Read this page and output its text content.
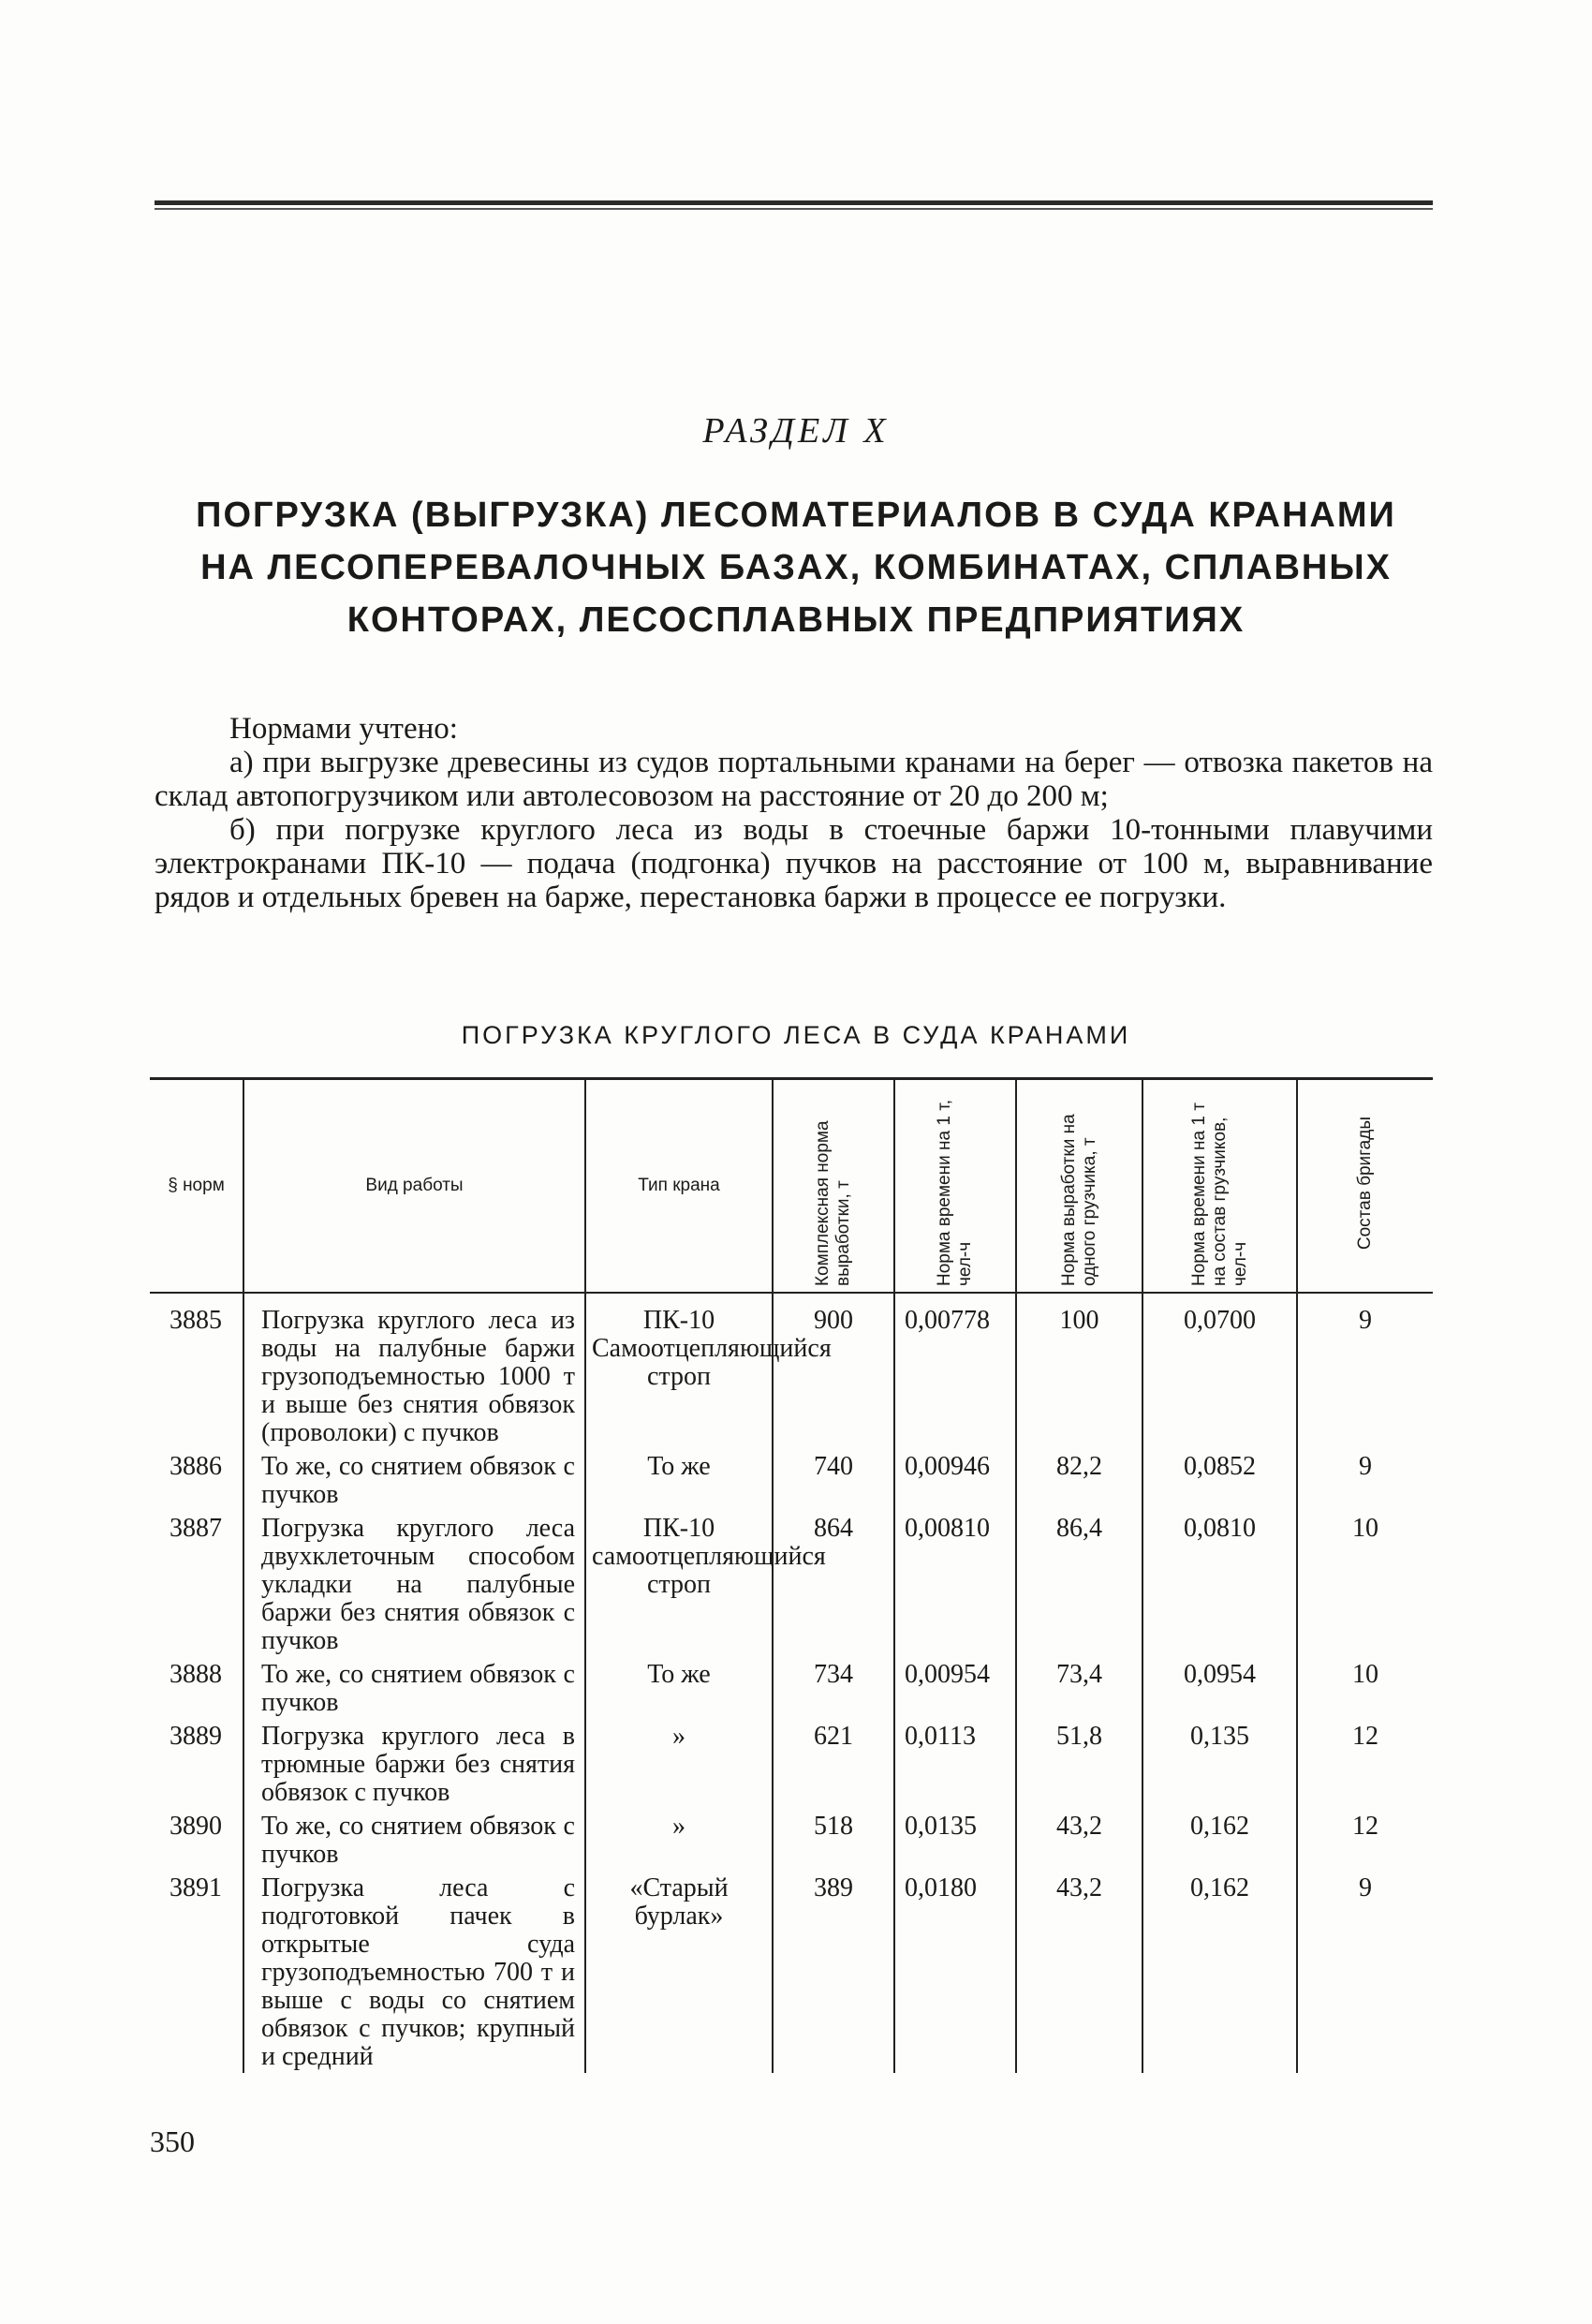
РАЗДЕЛ X
ПОГРУЗКА (ВЫГРУЗКА) ЛЕСОМАТЕРИАЛОВ В СУДА КРАНАМИ
НА ЛЕСОПЕРЕВАЛОЧНЫХ БАЗАХ, КОМБИНАТАХ, СПЛАВНЫХ
КОНТОРАХ, ЛЕСОСПЛАВНЫХ ПРЕДПРИЯТИЯХ

Нормами учтено:

а) при выгрузке древесины из судов портальными кранами на берег — отвозка пакетов на склад автопогрузчиком или автолесовозом на расстояние от 20 до 200 м;

б) при погрузке круглого леса из воды в стоечные баржи 10-тонными плавучими электрокранами ПК-10 — подача (подгонка) пучков на расстояние от 100 м, выравнивание рядов и отдельных бревен на барже, перестановка баржи в процессе ее погрузки.

ПОГРУЗКА КРУГЛОГО ЛЕСА В СУДА КРАНАМИ
§ норм	Вид работы	Тип крана	Комплексная норма выработки, т	Норма времени на 1 т, чел-ч	Норма выработки на одного грузчика, т	Норма времени на 1 т на состав грузчиков, чел-ч	Состав бригады
3885	Погрузка круглого леса из воды на палубные баржи грузоподъемностью 1000 т и выше без снятия обвязок (проволоки) с пучков	ПК-10 Самоотцепляющийся строп	900	0,00778	100	0,0700	9
3886	То же, со снятием обвязок с пучков	То же	740	0,00946	82,2	0,0852	9
3887	Погрузка круглого леса двухклеточным способом укладки на палубные баржи без снятия обвязок с пучков	ПК-10 самоотцепляющийся строп	864	0,00810	86,4	0,0810	10
3888	То же, со снятием обвязок с пучков	То же	734	0,00954	73,4	0,0954	10
3889	Погрузка круглого леса в трюмные баржи без снятия обвязок с пучков	»	621	0,0113	51,8	0,135	12
3890	То же, со снятием обвязок с пучков	»	518	0,0135	43,2	0,162	12
3891	Погрузка леса с подготовкой пачек в открытые суда грузоподъемностью 700 т и выше с воды со снятием обвязок с пучков; крупный и средний	«Старый бурлак»	389	0,0180	43,2	0,162	9
350
